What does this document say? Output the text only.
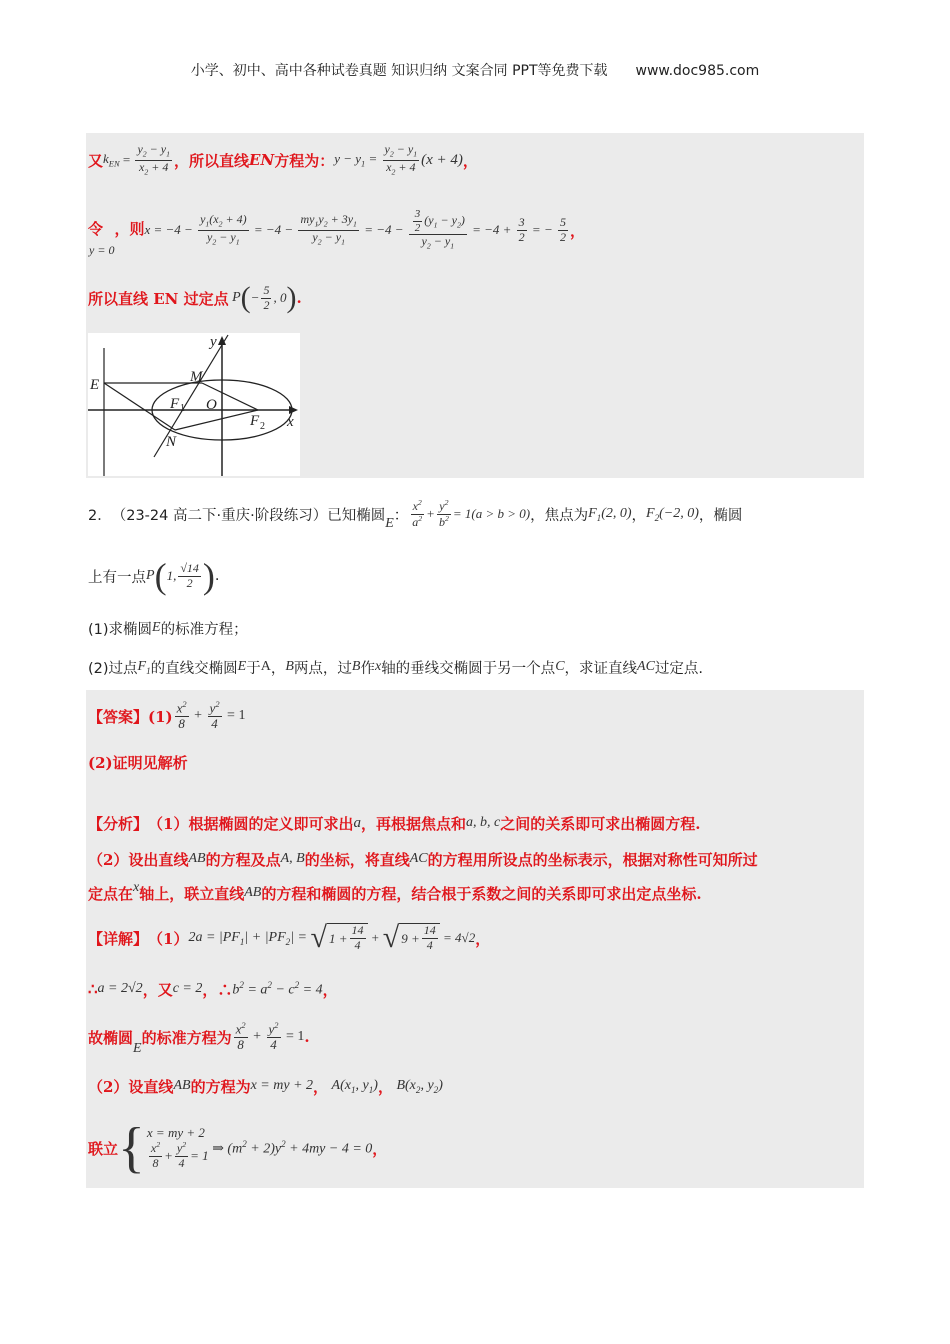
小学、初中、高中各种试卷真题 知识归纳 文案合同 PPT等免费下载　　www.doc985.com
又 $k_{EN} = \frac{y_2 - y_1}{x_2 + 4}$ ，所以直线 EN 方程为： $y - y_1 = \frac{y_2 - y_1}{x_2 + 4} (x + 4)$ ，
令
y = 0
，则 $x = -4 - \frac{y_1(x_2 + 4)}{y_2 - y_1} = -4 - \frac{my_1y_2 + 3y_1}{y_2 - y_1} = -4 - \frac{\frac{3}{2} (y_1 - y_2)}{y_2 - y_1} = -4 + \frac{3}{2}$ = − $\frac{5}{2}$ ，
所以直线 EN 过定点 P ( − $\frac{5}{2}$ , 0 ) .
E	M
N
F 1 O
F 2 x
y
2． （23-24 高二下·重庆·阶段练习）已知椭圆 E ： $\frac{x^2}{a^2} + \frac{y^2}{b^2} = 1(a > b > 0)$ ，焦点为 $F_1(2$, 0) ， $F_2(-2$, 0) ，椭圆
上有一点 P ( 1, $\frac{√14}{2}$ ) .
(1)求椭圆 E 的标准方程；
(2)过点 $F_1$ 的直线交椭圆 E 于 A ， B 两点，过 B 作 x 轴的垂线交椭圆于另一个点 C ，求证直线 AC 过定点.
【答案】$(1) \frac{x^2}{8} + \frac{y^2}{4} = 1$
(2)证明见解析
【分析】 （1）根据椭圆的定义即可求出 a ，再根据焦点和 a, b, c 之间的关系即可求出椭圆方程.
（2）设出直线 AB 的方程及点 A, B 的坐标，将直线 AC 的方程用所设点的坐标表示，根据对称性可知所过
定点在 x 轴上，联立直线 AB 的方程和椭圆的方程，结合根于系数之间的关系即可求出定点坐标.
【详解】 （1） $2a = |PF_1| + |PF_2|$ = √ $1 + \frac{14}{4}$ + √ $9 + \frac{14}{4} = 4√2$ ，
∴ a = 2√2 ，又 c = 2 ，∴ $b^2 = a^2 - c^2 = 4$ ，
故椭圆
E
的标准方程为 $\frac{x^2}{8} + \frac{y^2}{4} = 1$ .
（2）设直线 AB 的方程为 x = my + 2 ， $A(x_1$, $y_1$) ， $B(x_2$, $y_2$)
联立 { x = my + 2
$\frac{x^2}{8} + \frac{y^2}{4} = 1$ ⇒ $(m^2 + 2)y^2 + 4my - 4 = 0$ ，
